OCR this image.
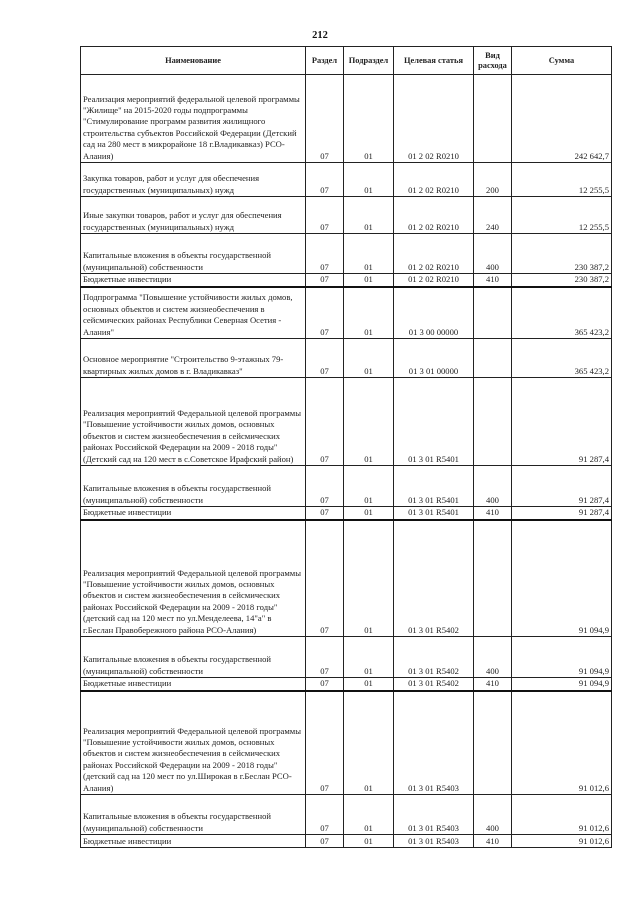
212
Наименование	Раздел	Подраздел	Целевая статья	Вид расхода	Сумма
Реализация мероприятий федеральной целевой программы "Жилище" на 2015-2020 годы подпрограммы "Стимулирование программ развития жилищного строительства субъектов Российской Федерации (Детский сад на 280 мест в микрорайоне 18 г.Владикавказ) РСО-Алания)	07	01	01 2 02 R0210		242 642,7
Закупка товаров, работ и услуг для обеспечения государственных (муниципальных) нужд	07	01	01 2 02 R0210	200	12 255,5
Иные закупки товаров, работ и услуг для обеспечения государственных (муниципальных) нужд	07	01	01 2 02 R0210	240	12 255,5
Капитальные вложения в объекты государственной (муниципальной) собственности	07	01	01 2 02 R0210	400	230 387,2
Бюджетные инвестиции	07	01	01 2 02 R0210	410	230 387,2
Подпрограмма "Повышение устойчивости жилых домов, основных объектов и систем жизнеобеспечения в сейсмических районах Республики Северная Осетия - Алания"	07	01	01 3 00 00000		365 423,2
Основное мероприятие "Строительство 9-этажных 79-квартирных жилых домов в г. Владикавказ"	07	01	01 3 01 00000		365 423,2
Реализация мероприятий Федеральной целевой программы "Повышение устойчивости жилых домов, основных объектов и систем жизнеобеспечения в сейсмических районах Российской Федерации на 2009 - 2018 годы" (Детский сад на 120 мест в с.Советское Ирафский район)	07	01	01 3 01 R5401		91 287,4
Капитальные вложения в объекты государственной (муниципальной) собственности	07	01	01 3 01 R5401	400	91 287,4
Бюджетные инвестиции	07	01	01 3 01 R5401	410	91 287,4
Реализация мероприятий Федеральной целевой программы "Повышение устойчивости жилых домов, основных объектов и систем жизнеобеспечения в сейсмических районах Российской Федерации на 2009 - 2018 годы" (детский сад на 120 мест по ул.Менделеева, 14"а" в г.Беслан Правобережного района РСО-Алания)	07	01	01 3 01 R5402		91 094,9
Капитальные вложения в объекты государственной (муниципальной) собственности	07	01	01 3 01 R5402	400	91 094,9
Бюджетные инвестиции	07	01	01 3 01 R5402	410	91 094,9
Реализация мероприятий Федеральной целевой программы "Повышение устойчивости жилых домов, основных объектов и систем жизнеобеспечения в сейсмических районах Российской Федерации на 2009 - 2018 годы" (детский сад на 120 мест по ул.Широкая в г.Беслан РСО-Алания)	07	01	01 3 01 R5403		91 012,6
Капитальные вложения в объекты государственной (муниципальной) собственности	07	01	01 3 01 R5403	400	91 012,6
Бюджетные инвестиции	07	01	01 3 01 R5403	410	91 012,6
